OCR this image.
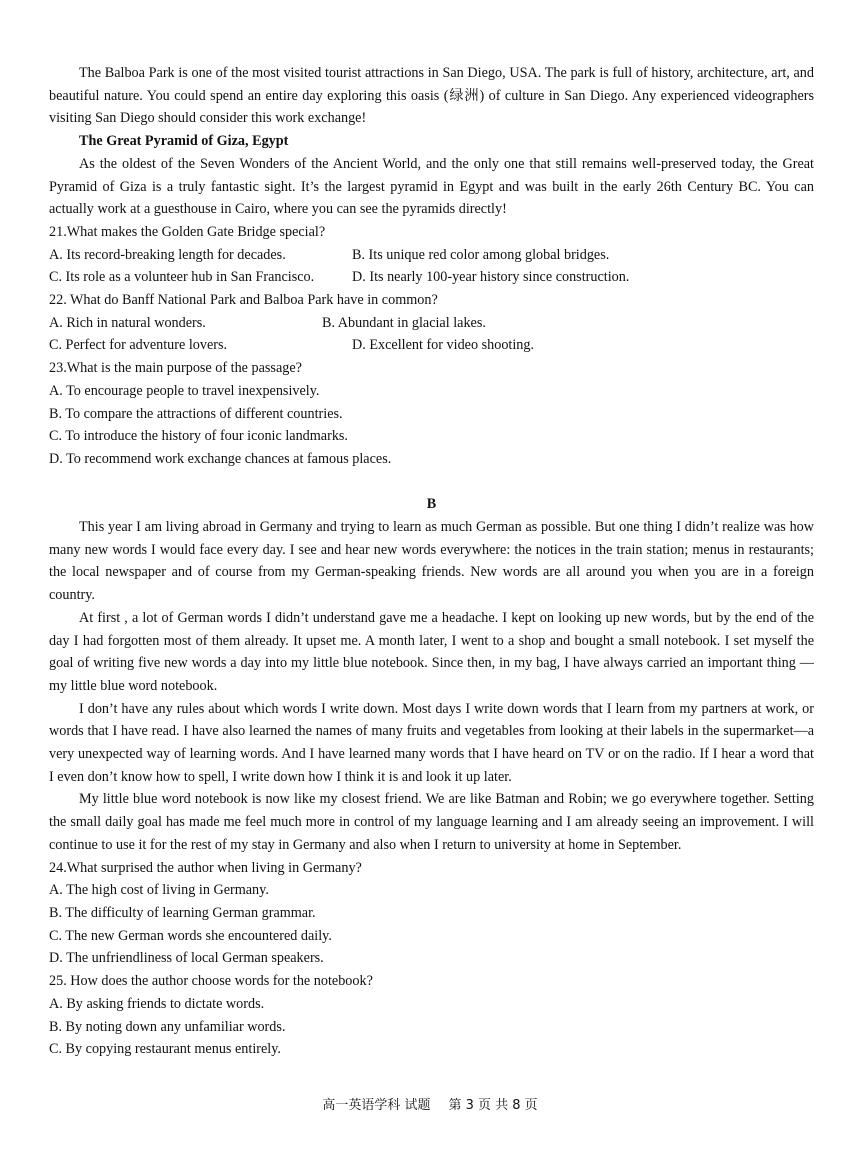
The Balboa Park is one of the most visited tourist attractions in San Diego, USA. The park is full of history, architecture, art, and beautiful nature. You could spend an entire day exploring this oasis (绿洲) of culture in San Diego. Any experienced videographers visiting San Diego should consider this work exchange!

The Great Pyramid of Giza, Egypt

As the oldest of the Seven Wonders of the Ancient World, and the only one that still remains well-preserved today, the Great Pyramid of Giza is a truly fantastic sight. It’s the largest pyramid in Egypt and was built in the early 26th Century BC. You can actually work at a guesthouse in Cairo, where you can see the pyramids directly!

21.What makes the Golden Gate Bridge special?

A. Its record-breaking length for decades.	B. Its unique red color among global bridges.
C. Its role as a volunteer hub in San Francisco.	D. Its nearly 100-year history since construction.

22. What do Banff National Park and Balboa Park have in common?

A. Rich in natural wonders.	B. Abundant in glacial lakes.
C. Perfect for adventure lovers.	D. Excellent for video shooting.

23.What is the main purpose of the passage?

A. To encourage people to travel inexpensively.

B. To compare the attractions of different countries.

C. To introduce the history of four iconic landmarks.

D. To recommend work exchange chances at famous places.

B

This year I am living abroad in Germany and trying to learn as much German as possible. But one thing I didn’t realize was how many new words I would face every day. I see and hear new words everywhere: the notices in the train station; menus in restaurants; the local newspaper and of course from my German-speaking friends. New words are all around you when you are in a foreign country.

At first , a lot of German words I didn’t understand gave me a headache. I kept on looking up new words, but by the end of the day I had forgotten most of them already. It upset me. A month later, I went to a shop and bought a small notebook. I set myself the goal of writing five new words a day into my little blue notebook. Since then, in my bag, I have always carried an important thing — my little blue word notebook.

I don’t have any rules about which words I write down. Most days I write down words that I learn from my partners at work, or words that I have read. I have also learned the names of many fruits and vegetables from looking at their labels in the supermarket—a very unexpected way of learning words. And I have learned many words that I have heard on TV or on the radio. If I hear a word that I even don’t know how to spell, I write down how I think it is and look it up later.

My little blue word notebook is now like my closest friend. We are like Batman and Robin; we go everywhere together. Setting the small daily goal has made me feel much more in control of my language learning and I am already seeing an improvement. I will continue to use it for the rest of my stay in Germany and also when I return to university at home in September.

24.What surprised the author when living in Germany?

A. The high cost of living in Germany.

B. The difficulty of learning German grammar.

C. The new German words she encountered daily.

D. The unfriendliness of local German speakers.

25. How does the author choose words for the notebook?

A. By asking friends to dictate words.

B. By noting down any unfamiliar words.

C. By copying restaurant menus entirely.

高一英语学科 试题 第 3 页 共 8 页
